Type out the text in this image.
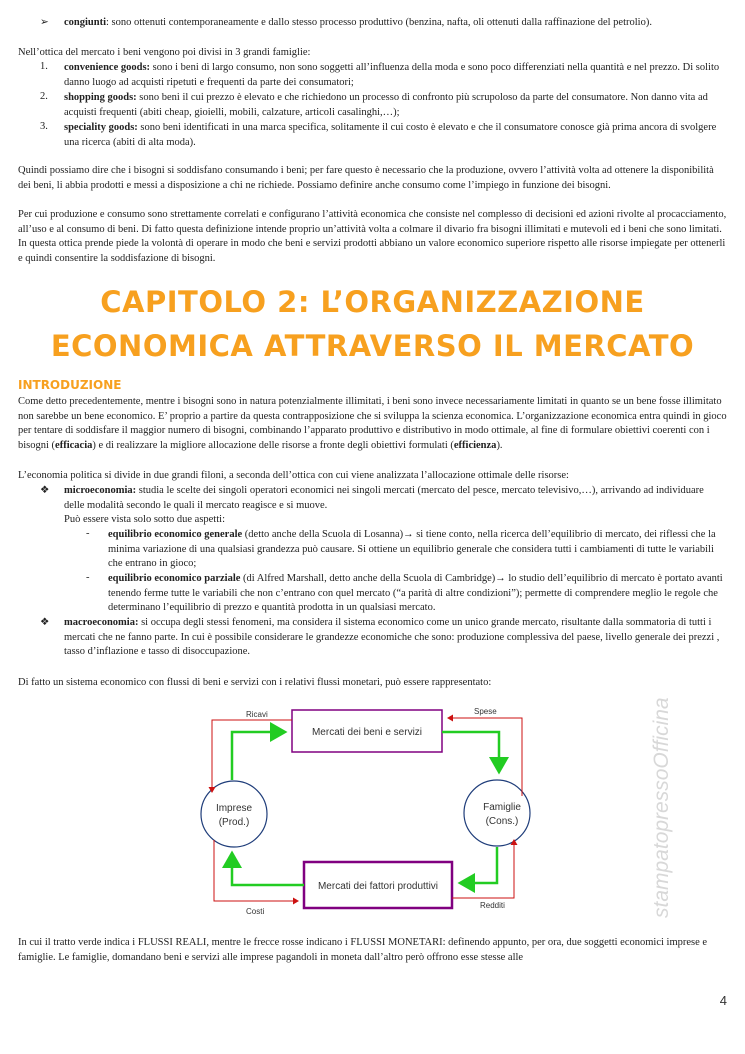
➢ congiunti: sono ottenuti contemporaneamente e dallo stesso processo produttivo (benzina, nafta, oli ottenuti dalla raffinazione del petrolio).

Nell’ottica del mercato i beni vengono poi divisi in 3 grandi famiglie:

1. convenience goods: sono i beni di largo consumo, non sono soggetti all’influenza della moda e sono poco differenziati nella quantità e nel prezzo. Di solito danno luogo ad acquisti ripetuti e frequenti da parte dei consumatori;

2. shopping goods: sono beni il cui prezzo è elevato e che richiedono un processo di confronto più scrupoloso da parte del consumatore. Non danno vita ad acquisti frequenti (abiti cheap, gioielli, mobili, calzature, articoli casalinghi,…);

3. speciality goods: sono beni identificati in una marca specifica, solitamente il cui costo è elevato e che il consumatore conosce già prima ancora di svolgere una ricerca (abiti di alta moda).

Quindi possiamo dire che i bisogni si soddisfano consumando i beni; per fare questo è necessario che la produzione, ovvero l’attività volta ad ottenere la disponibilità dei beni, li abbia prodotti e messi a disposizione a chi ne richiede. Possiamo definire anche consumo come l’impiego in funzione dei bisogni.

Per cui produzione e consumo sono strettamente correlati e configurano l’attività economica che consiste nel complesso di decisioni ed azioni rivolte al procacciamento, all’uso e al consumo di beni. Di fatto questa definizione intende proprio un’attività volta a colmare il divario fra bisogni illimitati e mutevoli ed i beni che sono limitati. In questa ottica prende piede la volontà di operare in modo che beni e servizi prodotti abbiano un valore economico superiore rispetto alle risorse impiegate per ottenerli e quindi consentire la soddisfazione di bisogni.

CAPITOLO 2: L’ORGANIZZAZIONE
ECONOMICA ATTRAVERSO IL MERCATO
INTRODUZIONE

Come detto precedentemente, mentre i bisogni sono in natura potenzialmente illimitati, i beni sono invece necessariamente limitati in quanto se un bene fosse illimitato non sarebbe un bene economico. E’ proprio a partire da questa contrapposizione che si sviluppa la scienza economica. L’organizzazione economica entra quindi in gioco per tentare di soddisfare il maggior numero di bisogni, combinando l’apparato produttivo e distributivo in modo ottimale, al fine di formulare obiettivi coerenti con i bisogni (efficacia) e di realizzare la migliore allocazione delle risorse a fronte degli obiettivi formulati (efficienza).

L’economia politica si divide in due grandi filoni, a seconda dell’ottica con cui viene analizzata l’allocazione ottimale delle risorse:

❖ microeconomia: studia le scelte dei singoli operatori economici nei singoli mercati (mercato del pesce, mercato televisivo,…), arrivando ad individuare delle modalità secondo le quali il mercato reagisce e si muove.

Può essere vista solo sotto due aspetti:

- equilibrio economico generale (detto anche della Scuola di Losanna)→ si tiene conto, nella ricerca dell’equilibrio di mercato, dei riflessi che la minima variazione di una qualsiasi grandezza può causare. Si ottiene un equilibrio generale che considera tutti i cambiamenti di tutte le variabili che entrano in gioco;

- equilibrio economico parziale (di Alfred Marshall, detto anche della Scuola di Cambridge)→ lo studio dell’equilibrio di mercato è portato avanti tenendo ferme tutte le variabili che non c’entrano con quel mercato (“a parità di altre condizioni”); permette di comprendere meglio le regole che determinano l’equilibrio di prezzo e quantità prodotta in un qualsiasi mercato.

❖ macroeconomia: si occupa degli stessi fenomeni, ma considera il sistema economico come un unico grande mercato, risultante dalla sommatoria di tutti i mercati che ne fanno parte. In cui è possibile considerare le grandezze economiche che sono: produzione complessiva del paese, livello generale dei prezzi , tasso d’inflazione e tasso di disoccupazione.

Di fatto un sistema economico con flussi di beni e servizi con i relativi flussi monetari, può essere rappresentato:

Mercati dei beni e servizi
Mercati dei fattori produttivi
Imprese
(Prod.)
Famiglie
(Cons.)
Ricavi	Spese
Redditi
Costi	stampatopressoOfficina

In cui il tratto verde indica i FLUSSI REALI, mentre le frecce rosse indicano i FLUSSI MONETARI: definendo appunto, per ora, due soggetti economici imprese e famiglie. Le famiglie, domandano beni e servizi alle imprese pagandoli in moneta dall’altro però offrono esse stesse alle

4
